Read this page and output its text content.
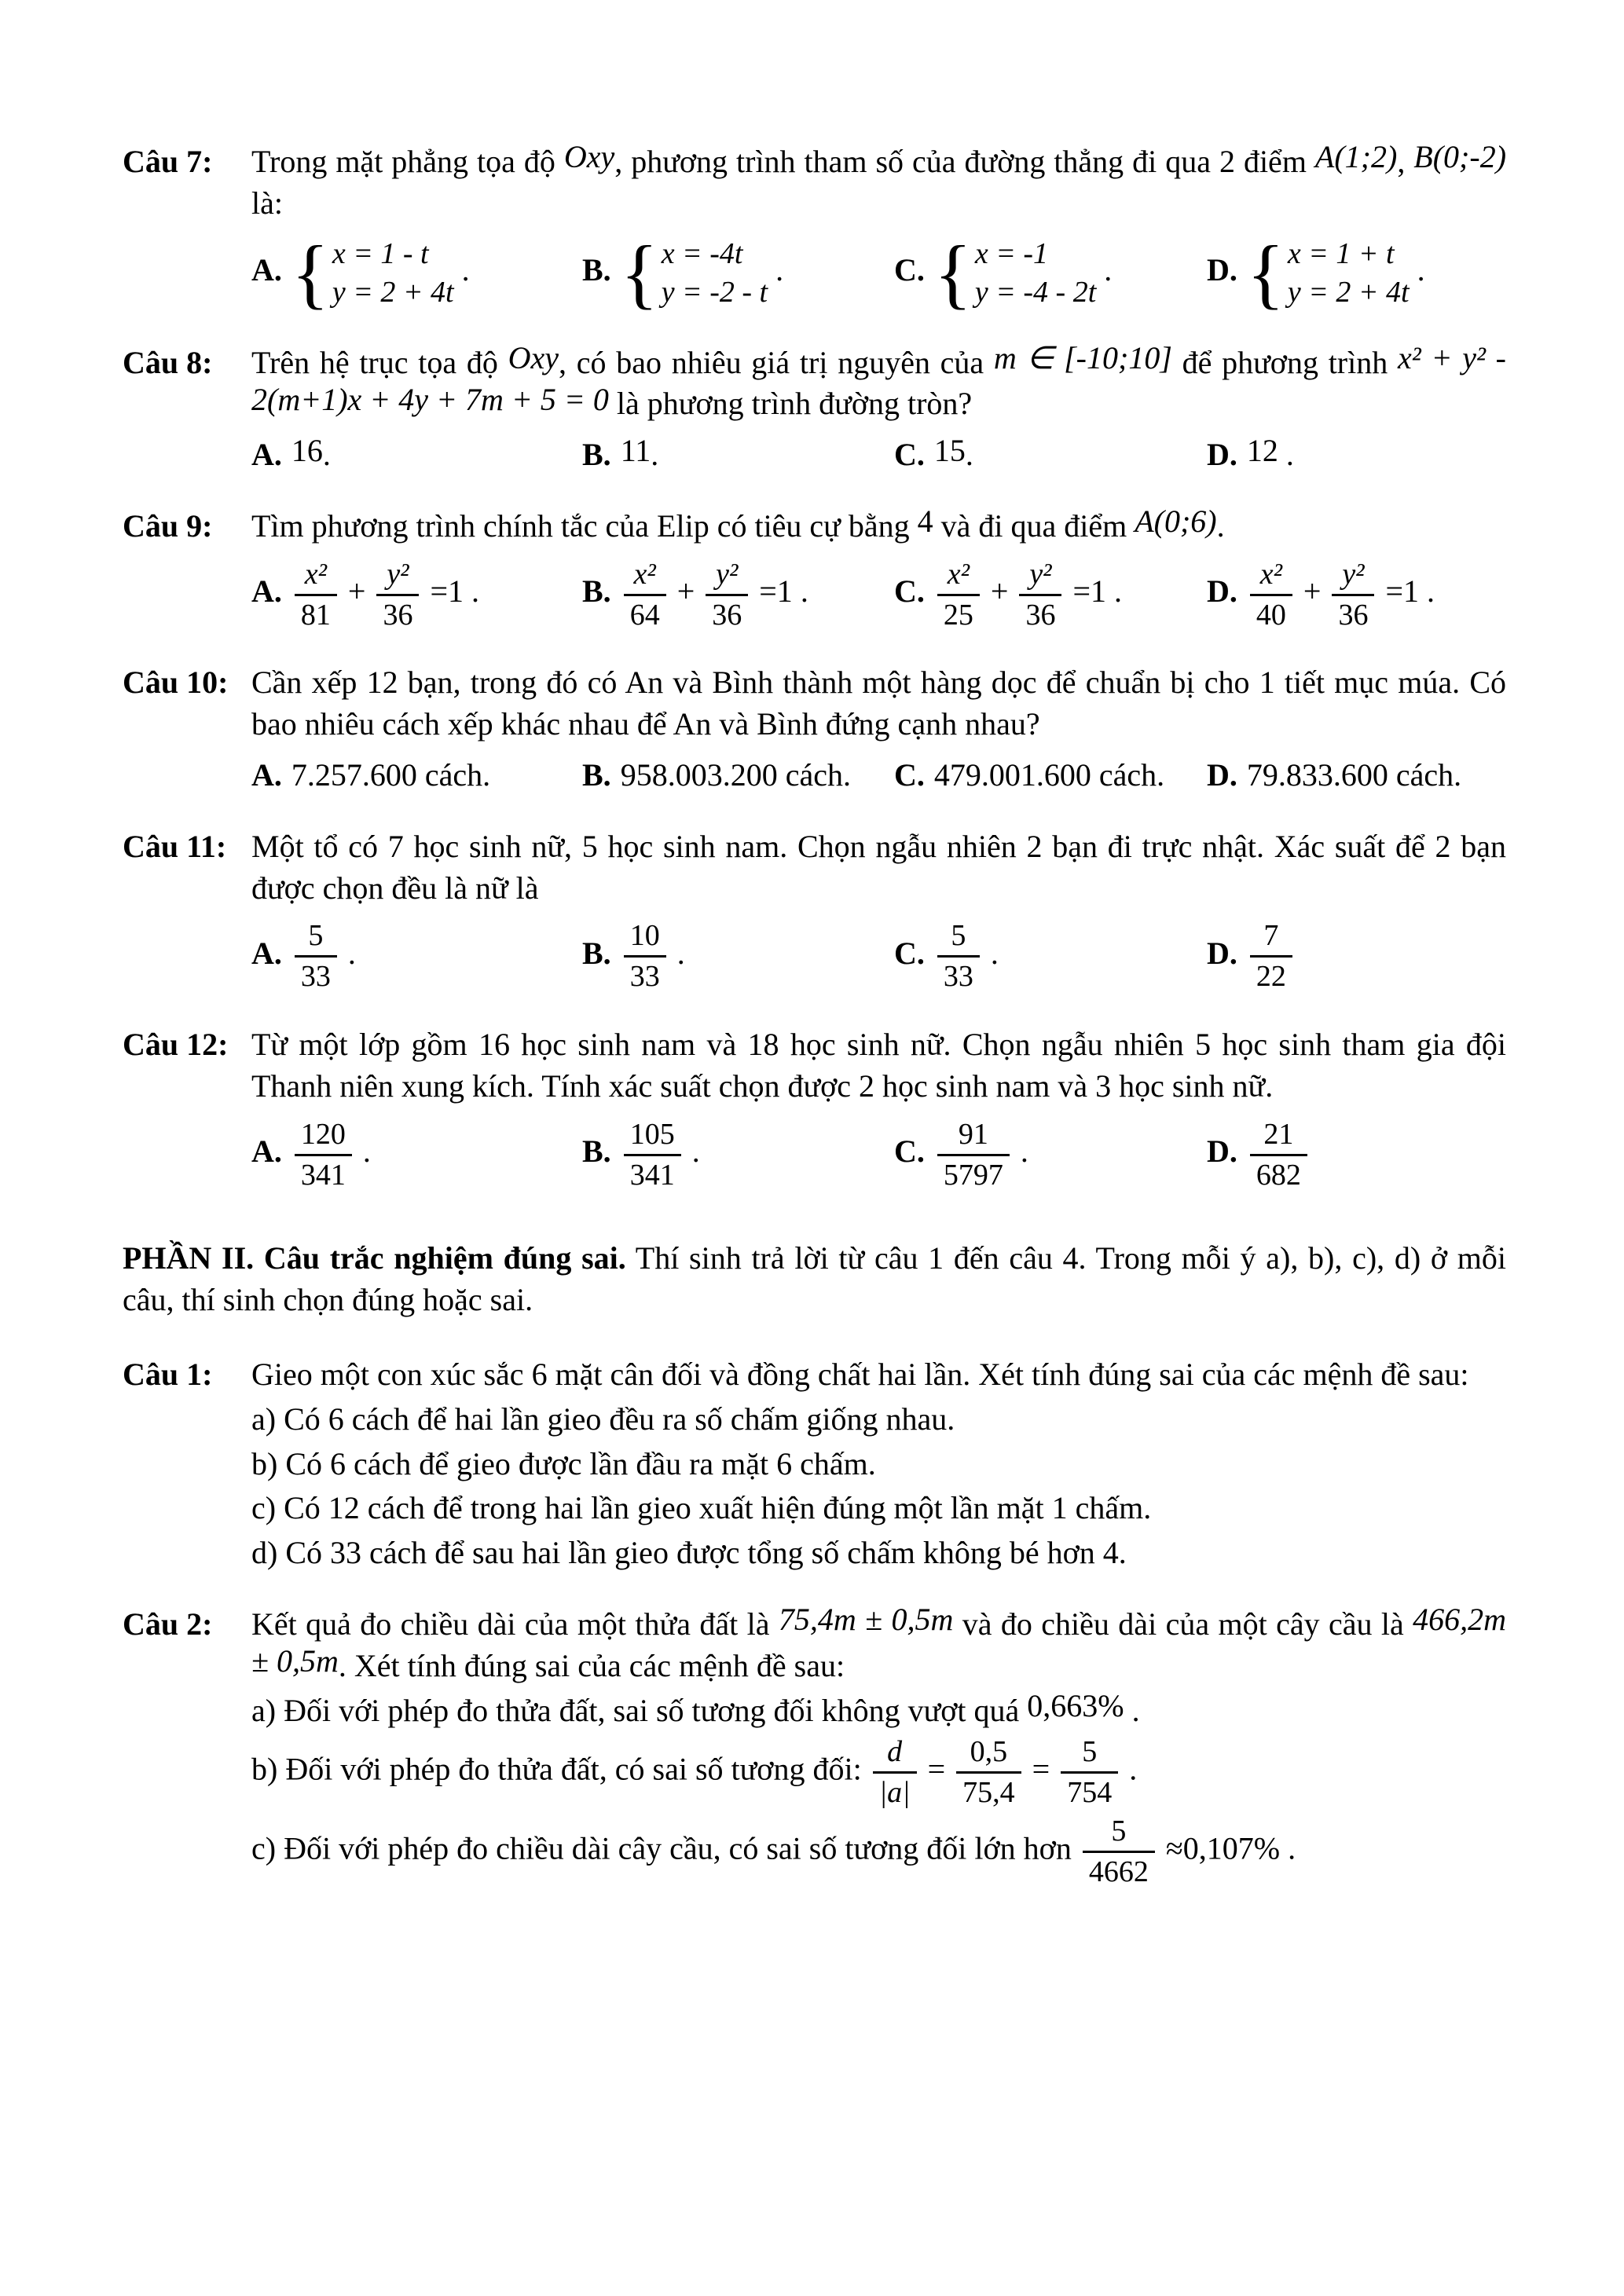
Câu 7:	Trong mặt phẳng tọa độ Oxy, phương trình tham số của đường thẳng đi qua 2 điểm A(1;2), B(0;-2) là:
A. { x = 1 - t
y = 2 + 4t
.	B. { x = -4t
y = -2 - t
.	C. { x = -1
y = -4 - 2t
.	D. { x = 1 + t
y = 2 + 4t
.
Câu 8:	Trên hệ trục tọa độ Oxy, có bao nhiêu giá trị nguyên của m ∈ [-10;10] để phương trình x² + y² - 2(m+1)x + 4y + 7m + 5 = 0 là phương trình đường tròn?
A. 16.	B. 11.	C. 15.	D. 12 .
Câu 9:	Tìm phương trình chính tắc của Elip có tiêu cự bằng 4 và đi qua điểm A(0;6).
A. $\frac{\text{x²}}{81} + \frac{\text{y²}}{36} =1$ .	B. $\frac{\text{x²}}{64} + \frac{\text{y²}}{36} =1$ .	C. $\frac{\text{x²}}{25} + \frac{\text{y²}}{36} =1$ .	D. $\frac{\text{x²}}{40} + \frac{\text{y²}}{36} =1$ .
Câu 10: Cần xếp 12 bạn, trong đó có An và Bình thành một hàng dọc để chuẩn bị cho 1 tiết mục múa. Có bao nhiêu cách xếp khác nhau để An và Bình đứng cạnh nhau?
A. 7.257.600 cách.	B. 958.003.200 cách.	C. 479.001.600 cách.	D. 79.833.600 cách.
Câu 11: Một tổ có 7 học sinh nữ, 5 học sinh nam. Chọn ngẫu nhiên 2 bạn đi trực nhật. Xác suất để 2 bạn được chọn đều là nữ là
A. $\frac{5}{33}$ .	B. $\frac{10}{33}$ .	C. $\frac{5}{33}$ .	D. $\frac{7}{22}$
Câu 12: Từ một lớp gồm 16 học sinh nam và 18 học sinh nữ. Chọn ngẫu nhiên 5 học sinh tham gia đội Thanh niên xung kích. Tính xác suất chọn được 2 học sinh nam và 3 học sinh nữ.
A. $\frac{120}{341}$ .	B. $\frac{105}{341}$ .	C. $\frac{91}{5797}$ .	D. $\frac{21}{682}$

PHẦN II. Câu trắc nghiệm đúng sai. Thí sinh trả lời từ câu 1 đến câu 4. Trong mỗi ý a), b), c), d) ở mỗi câu, thí sinh chọn đúng hoặc sai.

Câu 1:	Gieo một con xúc sắc 6 mặt cân đối và đồng chất hai lần. Xét tính đúng sai của các mệnh đề sau:
a) Có 6 cách để hai lần gieo đều ra số chấm giống nhau.
b) Có 6 cách để gieo được lần đầu ra mặt 6 chấm.
c) Có 12 cách để trong hai lần gieo xuất hiện đúng một lần mặt 1 chấm.
d) Có 33 cách để sau hai lần gieo được tổng số chấm không bé hơn 4.
Câu 2:	Kết quả đo chiều dài của một thửa đất là 75,4m ± 0,5m và đo chiều dài của một cây cầu là 466,2m ± 0,5m. Xét tính đúng sai của các mệnh đề sau:
a) Đối với phép đo thửa đất, sai số tương đối không vượt quá 0,663% .
b) Đối với phép đo thửa đất, có sai số tương đối: $\frac{d}{|a|} = \frac{0,5}{75,4} = \frac{5}{754}$ .
c) Đối với phép đo chiều dài cây cầu, có sai số tương đối lớn hơn $\frac{5}{4662} \approx 0,107\%$ .
